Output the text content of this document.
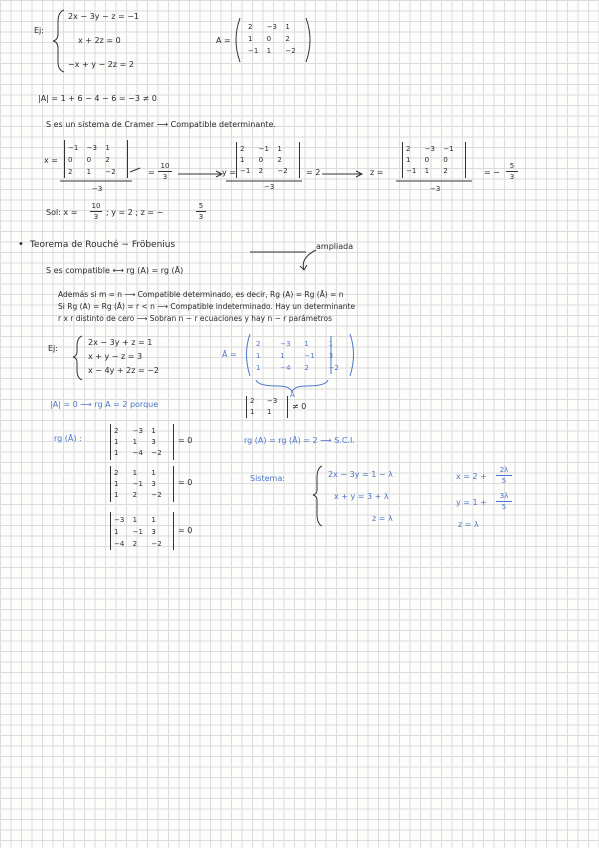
Ej:
2x − 3y − z = −1
x + 2z = 0
−x + y − 2z = 2
A =
2	−3	1
1	0	2
−1	1	−2
|A| = 1 + 6 − 4 − 6 = −3 ≠ 0
S es un sistema de Cramer ⟶ Compatible determinante.
x =
−1	−3	1
0	0	2
2	1	−2
−3
=
10
3	y =
2	−1	1
1	0	2
−1	2	−2
−3
= 2	z =
2	−3	−1
1	0	0
−1	1	2
−3
= −
5
3
Sol: x =
10
3 ; y = 2 ; z = −
5
3
• Teorema de Rouché − Fröbenius	ampliada
S es compatible ⟷ rg (A) = rg (Ā)
Además si m = n ⟶ Compatible determinado, es decir, Rg (A) = Rg (Ā) = n
Si Rg (A) = Rg (Ā) = r < n ⟶ Compatible indeterminado. Hay un determinante
r x r distinto de cero ⟶ Sobran n − r ecuaciones y hay n − r parámetros
Ej:
2x − 3y + z = 1
x + y − z = 3
x − 4y + 2z = −2
Ā =
2	−3	1	1
1	1	−1	3
1	−4	2	−2
A
|A| = 0 ⟶ rg A = 2 porque	2	−3
1	1
≠ 0
rg (Ā) :
2	−3	1
1	1	3
1	−4	−2
= 0
2	1	1
1	−1	3
1	2	−2
= 0
−3	1	1
1	−1	3
−4	2	−2
= 0
rg (A) = rg (Ā) = 2 ⟶ S.C.I.
Sistema:	2x − 3y = 1 − λ
x + y = 3 + λ
z = λ
x = 2 +
2λ
5
y = 1 +
3λ
5
z = λ
